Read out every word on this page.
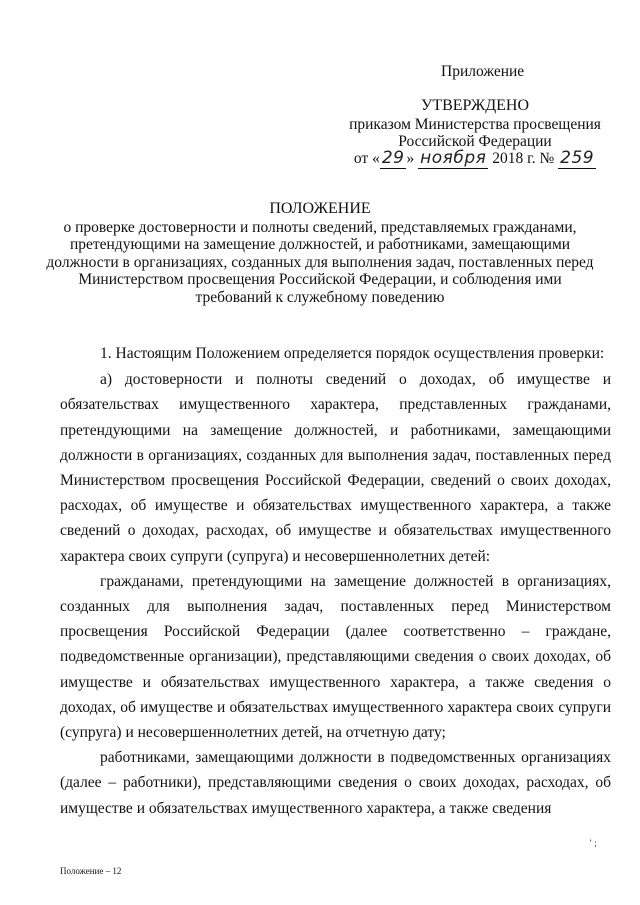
Приложение
УТВЕРЖДЕНО
приказом Министерства просвещения
Российской Федерации
от « 29 » ноября 2018 г. № 259
ПОЛОЖЕНИЕ
о проверке достоверности и полноты сведений, представляемых гражданами, претендующими на замещение должностей, и работниками, замещающими должности в организациях, созданных для выполнения задач, поставленных перед Министерством просвещения Российской Федерации, и соблюдения ими требований к служебному поведению

1. Настоящим Положением определяется порядок осуществления проверки:

а) достоверности и полноты сведений о доходах, об имуществе и обязательствах имущественного характера, представленных гражданами, претендующими на замещение должностей, и работниками, замещающими должности в организациях, созданных для выполнения задач, поставленных перед Министерством просвещения Российской Федерации, сведений о своих доходах, расходах, об имуществе и обязательствах имущественного характера, а также сведений о доходах, расходах, об имуществе и обязательствах имущественного характера своих супруги (супруга) и несовершеннолетних детей:

гражданами, претендующими на замещение должностей в организациях, созданных для выполнения задач, поставленных перед Министерством просвещения Российской Федерации (далее соответственно – граждане, подведомственные организации), представляющими сведения о своих доходах, об имуществе и обязательствах имущественного характера, а также сведения о доходах, об имуществе и обязательствах имущественного характера своих супруги (супруга) и несовершеннолетних детей, на отчетную дату;

работниками, замещающими должности в подведомственных организациях (далее – работники), представляющими сведения о своих доходах, расходах, об имуществе и обязательствах имущественного характера, а также сведения

ʼ ;
Положение – 12
